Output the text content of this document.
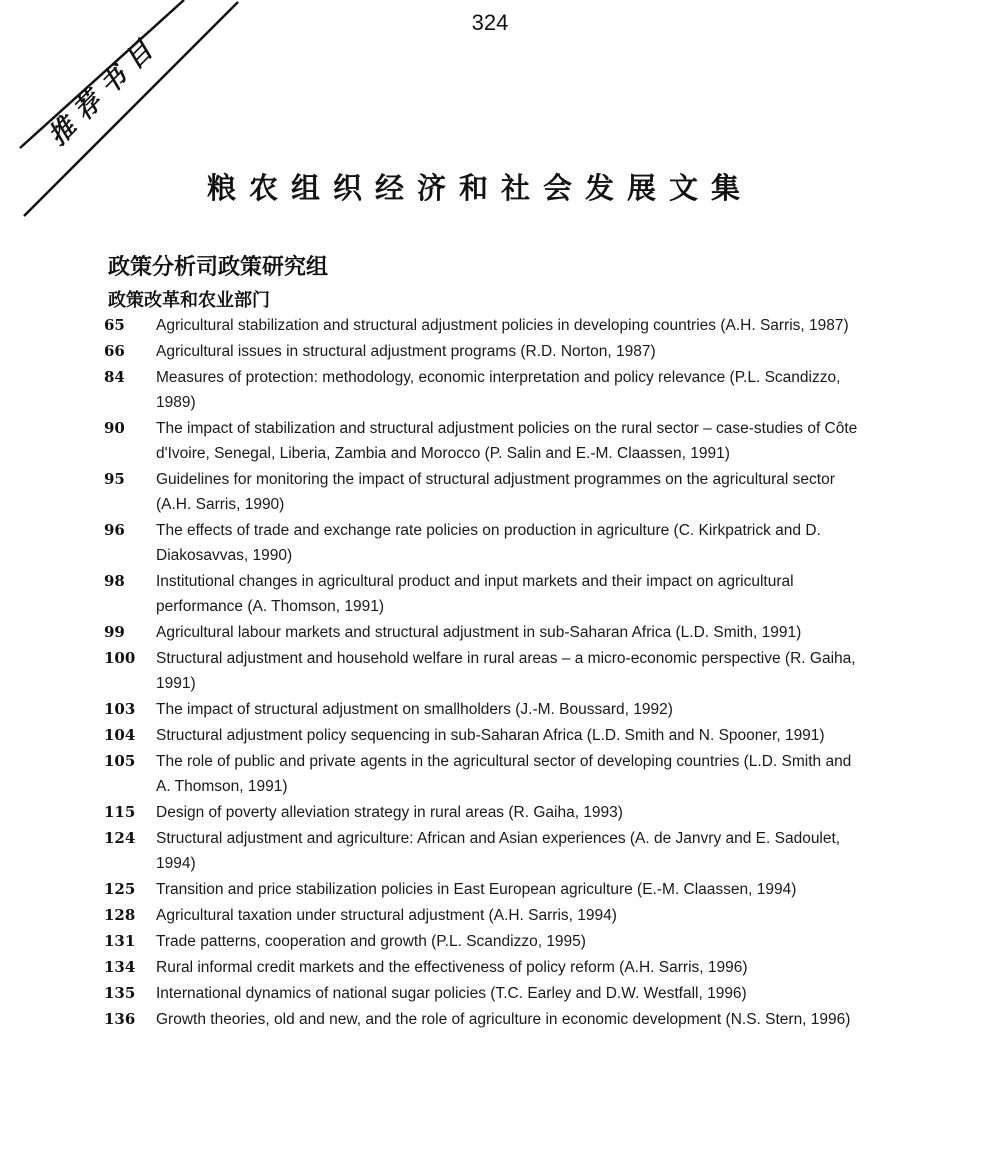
324
推荐书目
粮农组织经济和社会发展文集
政策分析司政策研究组
政策改革和农业部门
65	Agricultural stabilization and structural adjustment policies in developing countries (A.H. Sarris, 1987)
66	Agricultural issues in structural adjustment programs (R.D. Norton, 1987)
84	Measures of protection: methodology, economic interpretation and policy relevance (P.L. Scandizzo, 1989)
90	The impact of stabilization and structural adjustment policies on the rural sector – case-studies of Côte d'Ivoire, Senegal, Liberia, Zambia and Morocco (P. Salin and E.-M. Claassen, 1991)
95	Guidelines for monitoring the impact of structural adjustment programmes on the agricultural sector (A.H. Sarris, 1990)
96	The effects of trade and exchange rate policies on production in agriculture (C. Kirkpatrick and D. Diakosavvas, 1990)
98	Institutional changes in agricultural product and input markets and their impact on agricultural performance (A. Thomson, 1991)
99	Agricultural labour markets and structural adjustment in sub-Saharan Africa (L.D. Smith, 1991)
100	Structural adjustment and household welfare in rural areas – a micro-economic perspective (R. Gaiha, 1991)
103	The impact of structural adjustment on smallholders (J.-M. Boussard, 1992)
104	Structural adjustment policy sequencing in sub-Saharan Africa (L.D. Smith and N. Spooner, 1991)
105	The role of public and private agents in the agricultural sector of developing countries (L.D. Smith and A. Thomson, 1991)
115	Design of poverty alleviation strategy in rural areas (R. Gaiha, 1993)
124	Structural adjustment and agriculture: African and Asian experiences (A. de Janvry and E. Sadoulet, 1994)
125	Transition and price stabilization policies in East European agriculture (E.-M. Claassen, 1994)
128	Agricultural taxation under structural adjustment (A.H. Sarris, 1994)
131	Trade patterns, cooperation and growth (P.L. Scandizzo, 1995)
134	Rural informal credit markets and the effectiveness of policy reform (A.H. Sarris, 1996)
135	International dynamics of national sugar policies (T.C. Earley and D.W. Westfall, 1996)
136	Growth theories, old and new, and the role of agriculture in economic development (N.S. Stern, 1996)
